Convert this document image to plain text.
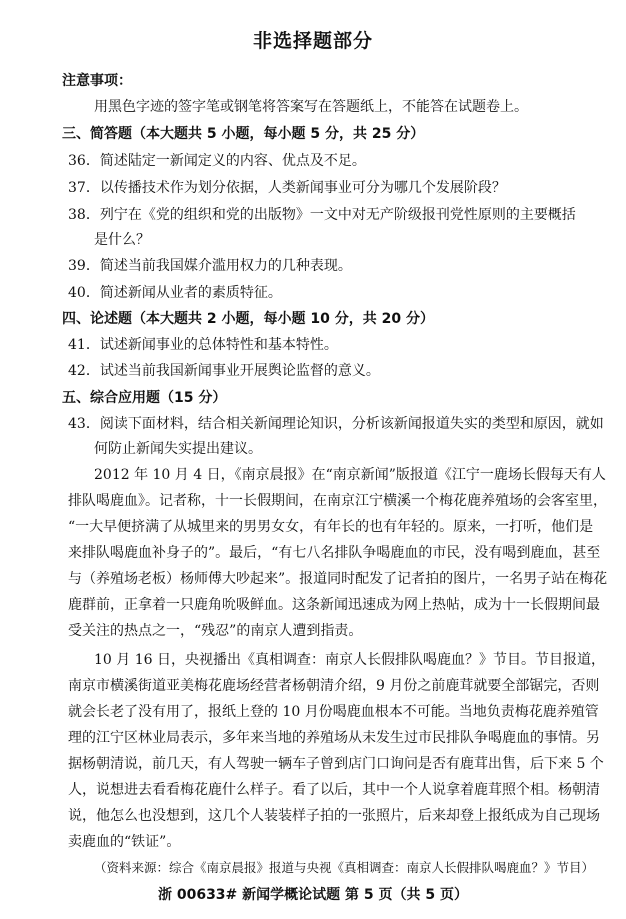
非选择题部分
注意事项：
用黑色字迹的签字笔或钢笔将答案写在答题纸上，不能答在试题卷上。
三、简答题（本大题共 5 小题，每小题 5 分，共 25 分）
36．简述陆定一新闻定义的内容、优点及不足。
37．以传播技术作为划分依据，人类新闻事业可分为哪几个发展阶段？
38．列宁在《党的组织和党的出版物》一文中对无产阶级报刊党性原则的主要概括
是什么？
39．简述当前我国媒介滥用权力的几种表现。
40．简述新闻从业者的素质特征。
四、论述题（本大题共 2 小题，每小题 10 分，共 20 分）
41．试述新闻事业的总体特性和基本特性。
42．试述当前我国新闻事业开展舆论监督的意义。
五、综合应用题（15 分）
43．阅读下面材料，结合相关新闻理论知识，分析该新闻报道失实的类型和原因，就如
何防止新闻失实提出建议。
2012 年 10 月 4 日，《南京晨报》在“南京新闻”版报道《江宁一鹿场长假每天有人
排队喝鹿血》。记者称，十一长假期间，在南京江宁横溪一个梅花鹿养殖场的会客室里，
“一大早便挤满了从城里来的男男女女，有年长的也有年轻的。原来，一打听，他们是
来排队喝鹿血补身子的”。最后，“有七八名排队争喝鹿血的市民，没有喝到鹿血，甚至
与（养殖场老板）杨师傅大吵起来”。报道同时配发了记者拍的图片，一名男子站在梅花
鹿群前，正拿着一只鹿角吮吸鲜血。这条新闻迅速成为网上热帖，成为十一长假期间最
受关注的热点之一，“残忍”的南京人遭到指责。
10 月 16 日，央视播出《真相调查：南京人长假排队喝鹿血？》节目。节目报道，
南京市横溪街道亚美梅花鹿场经营者杨朝清介绍，9 月份之前鹿茸就要全部锯完，否则
就会长老了没有用了，报纸上登的 10 月份喝鹿血根本不可能。当地负责梅花鹿养殖管
理的江宁区林业局表示，多年来当地的养殖场从未发生过市民排队争喝鹿血的事情。另
据杨朝清说，前几天，有人驾驶一辆车子曾到店门口询问是否有鹿茸出售，后下来 5 个
人，说想进去看看梅花鹿什么样子。看了以后，其中一个人说拿着鹿茸照个相。杨朝清
说，他怎么也没想到，这几个人装装样子拍的一张照片，后来却登上报纸成为自己现场
卖鹿血的“铁证”。
（资料来源：综合《南京晨报》报道与央视《真相调查：南京人长假排队喝鹿血？》节目）
浙 00633# 新闻学概论试题 第 5 页（共 5 页）
